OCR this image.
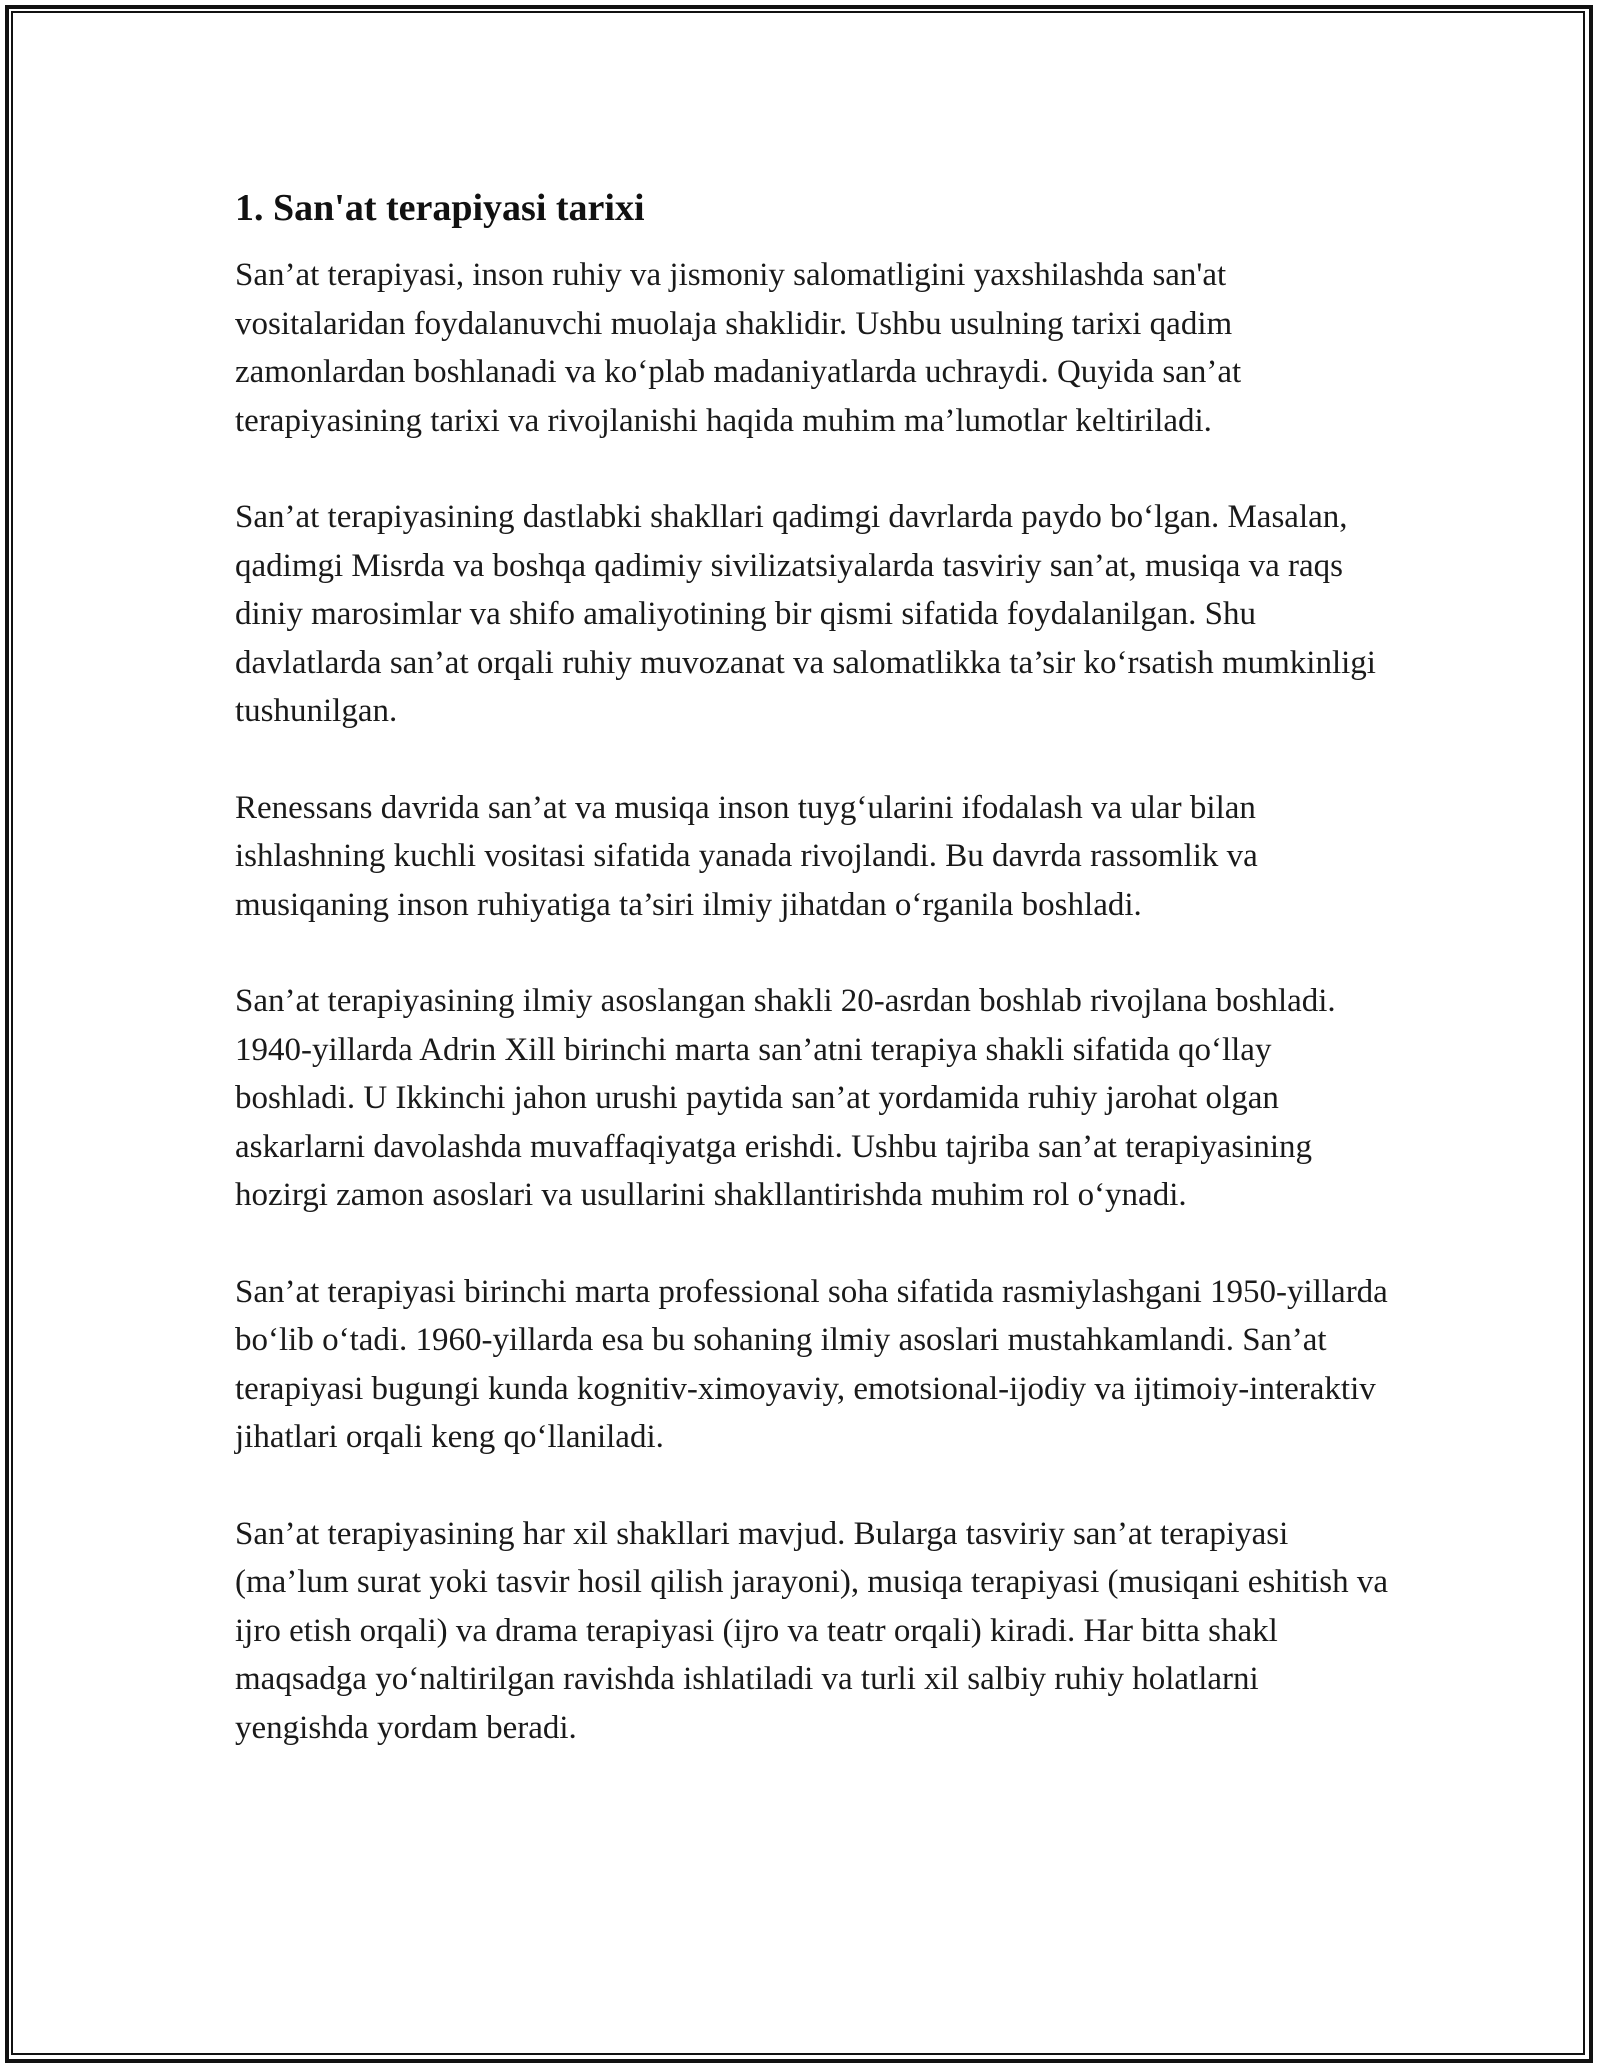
1. San'at terapiyasi tarixi

San’at terapiyasi, inson ruhiy va jismoniy salomatligini yaxshilashda san'at vositalaridan foydalanuvchi muolaja shaklidir. Ushbu usulning tarixi qadim zamonlardan boshlanadi va ko‘plab madaniyatlarda uchraydi. Quyida san’at terapiyasining tarixi va rivojlanishi haqida muhim ma’lumotlar keltiriladi.

San’at terapiyasining dastlabki shakllari qadimgi davrlarda paydo bo‘lgan. Masalan, qadimgi Misrda va boshqa qadimiy sivilizatsiyalarda tasviriy san’at, musiqa va raqs diniy marosimlar va shifo amaliyotining bir qismi sifatida foydalanilgan. Shu davlatlarda san’at orqali ruhiy muvozanat va salomatlikka ta’sir ko‘rsatish mumkinligi tushunilgan.

Renessans davrida san’at va musiqa inson tuyg‘ularini ifodalash va ular bilan ishlashning kuchli vositasi sifatida yanada rivojlandi. Bu davrda rassomlik va musiqaning inson ruhiyatiga ta’siri ilmiy jihatdan o‘rganila boshladi.

San’at terapiyasining ilmiy asoslangan shakli 20-asrdan boshlab rivojlana boshladi. 1940-yillarda Adrin Xill birinchi marta san’atni terapiya shakli sifatida qo‘llay boshladi. U Ikkinchi jahon urushi paytida san’at yordamida ruhiy jarohat olgan askarlarni davolashda muvaffaqiyatga erishdi. Ushbu tajriba san’at terapiyasining hozirgi zamon asoslari va usullarini shakllantirishda muhim rol o‘ynadi.

San’at terapiyasi birinchi marta professional soha sifatida rasmiylashgani 1950-yillarda bo‘lib o‘tadi. 1960-yillarda esa bu sohaning ilmiy asoslari mustahkamlandi. San’at terapiyasi bugungi kunda kognitiv-ximoyaviy, emotsional-ijodiy va ijtimoiy-interaktiv jihatlari orqali keng qo‘llaniladi.

San’at terapiyasining har xil shakllari mavjud. Bularga tasviriy san’at terapiyasi (ma’lum surat yoki tasvir hosil qilish jarayoni), musiqa terapiyasi (musiqani eshitish va ijro etish orqali) va drama terapiyasi (ijro va teatr orqali) kiradi. Har bitta shakl maqsadga yo‘naltirilgan ravishda ishlatiladi va turli xil salbiy ruhiy holatlarni yengishda yordam beradi.
